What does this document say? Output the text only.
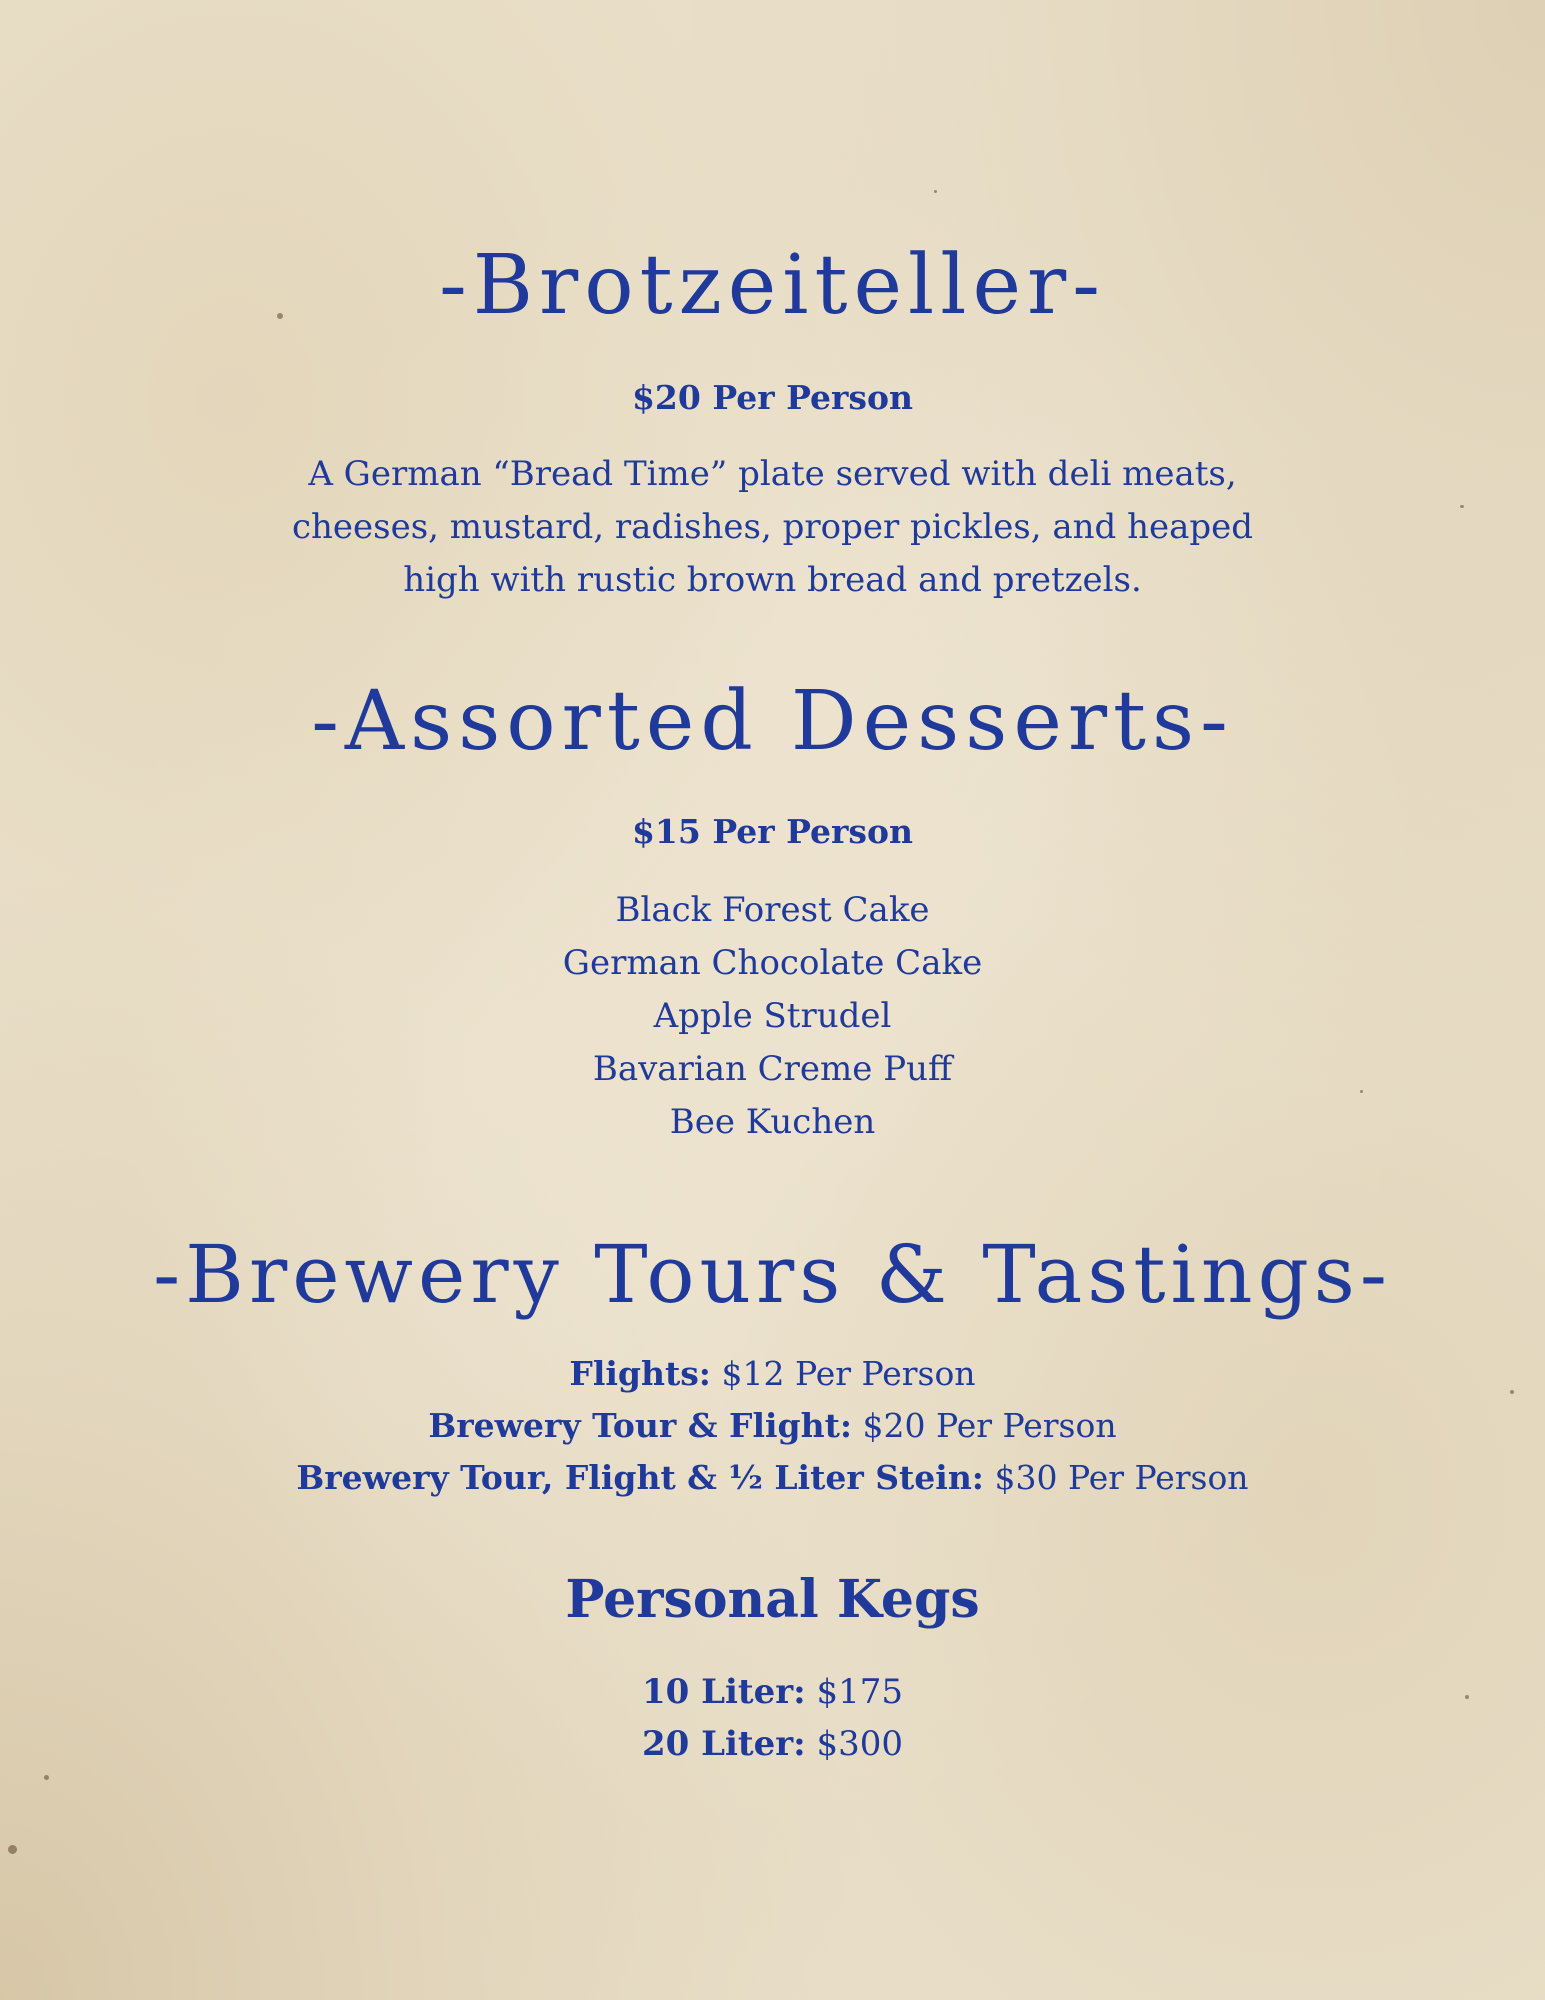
-Brotzeiteller-
$20 Per Person
A German “Bread Time” plate served with deli meats,
cheeses, mustard, radishes, proper pickles, and heaped
high with rustic brown bread and pretzels.
-Assorted Desserts-
$15 Per Person
Black Forest Cake
German Chocolate Cake
Apple Strudel
Bavarian Creme Puff
Bee Kuchen
-Brewery Tours & Tastings-
Flights: $12 Per Person
Brewery Tour & Flight: $20 Per Person
Brewery Tour, Flight & ½ Liter Stein: $30 Per Person
Personal Kegs
10 Liter: $175
20 Liter: $300
